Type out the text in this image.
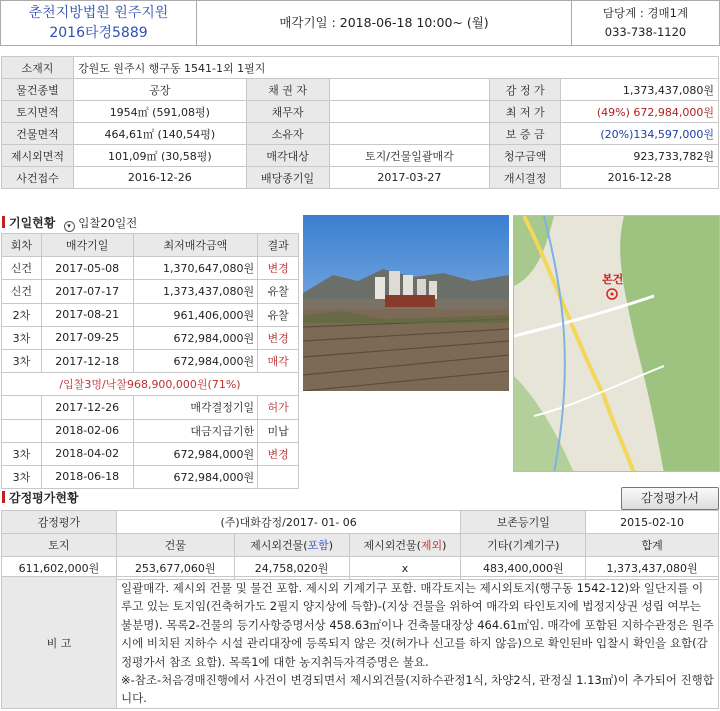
춘천지방법원 원주지원
2016타경5889
매각기일 : 2018-06-18 10:00~ (월)
담당계 : 경매1계
033-738-1120
소재지	강원도 원주시 행구동 1541-1외 1필지				
물건종별	공장	채 권 자		감 정 가	1,373,437,080원
토지면적	1954㎡ (591,08평)	채무자		최 저 가	(49%) 672,984,000원
건물면적	464,61㎡ (140,54평)	소유자		보 증 금	(20%)134,597,000원
제시외면적	101,09㎡ (30,58평)	매각대상	토지/건물일괄매각	청구금액	923,733,782원
사건접수	2016-12-26	배당종기일	2017-03-27	개시결정	2016-12-28
기일현황 ▾ 입찰20일전
회차	매각기일	최저매각금액	결과
신건	2017-05-08	1,370,647,080원	변경
신건	2017-07-17	1,373,437,080원	유찰
2차	2017-08-21	961,406,000원	유찰
3차	2017-09-25	672,984,000원	변경
3차	2017-12-18	672,984,000원	매각
/입찰3명/낙찰968,900,000원(71%)			
	2017-12-26	매각결정기일	허가
	2018-02-06	대금지급기한	미납
3차	2018-04-02	672,984,000원	변경
3차	2018-06-18	672,984,000원	
본건
감정평가현황	감정평가서
감정평가	(주)대화감정/2017- 01- 06			보존등기일	2015-02-10
토지	건물	제시외건물(포함)	제시외건물(제외)	기타(기계기구)	합계
611,602,000원	253,677,060원	24,758,020원	x	483,400,000원	1,373,437,080원
비 고
일괄매각. 제시외 건물 및 물건 포함. 제시외 기계기구 포함. 매각토지는 제시외토지(행구동 1542-12)와 일단지를 이루고 있는 토지임(건축허가도 2필지 양지상에 득함)-(지상 건물을 위하여 매각외 타인토지에 법정지상권 성립 여부는 불분명). 목록2-건물의 등기사항증명서상 458.63㎡이나 건축물대장상 464.61㎡임. 매각에 포함된 지하수관정은 원주시에 비치된 지하수 시설 관리대장에 등록되지 않은 것(허가나 신고를 하지 않음)으로 확인된바 입찰시 확인을 요함(감정평가서 참조 요함). 목록1에 대한 농지취득자격증명은 불요.
※-참조-처음경매진행에서 사건이 변경되면서 제시외건물(지하수관정1식, 차양2식, 관정실 1.13㎡)이 추가되어 진행합니다.
